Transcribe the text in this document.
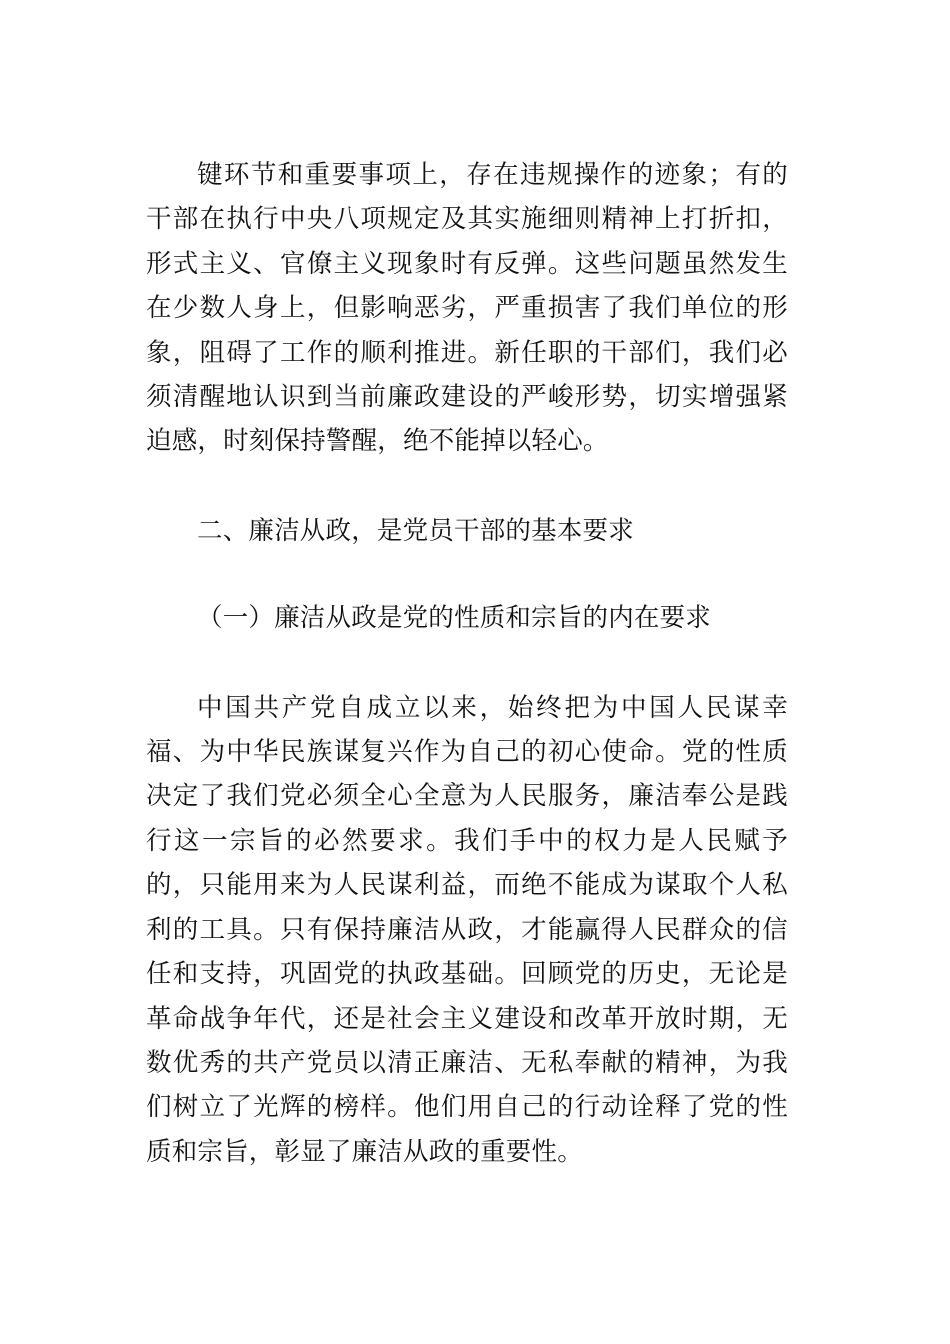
键环节和重要事项上，存在违规操作的迹象；有的干部在执行中央八项规定及其实施细则精神上打折扣，形式主义、官僚主义现象时有反弹。这些问题虽然发生在少数人身上，但影响恶劣，严重损害了我们单位的形象，阻碍了工作的顺利推进。新任职的干部们，我们必须清醒地认识到当前廉政建设的严峻形势，切实增强紧迫感，时刻保持警醒，绝不能掉以轻心。

二、廉洁从政，是党员干部的基本要求

（一）廉洁从政是党的性质和宗旨的内在要求

中国共产党自成立以来，始终把为中国人民谋幸福、为中华民族谋复兴作为自己的初心使命。党的性质决定了我们党必须全心全意为人民服务，廉洁奉公是践行这一宗旨的必然要求。我们手中的权力是人民赋予的，只能用来为人民谋利益，而绝不能成为谋取个人私利的工具。只有保持廉洁从政，才能赢得人民群众的信任和支持，巩固党的执政基础。回顾党的历史，无论是革命战争年代，还是社会主义建设和改革开放时期，无数优秀的共产党员以清正廉洁、无私奉献的精神，为我们树立了光辉的榜样。他们用自己的行动诠释了党的性质和宗旨，彰显了廉洁从政的重要性。
